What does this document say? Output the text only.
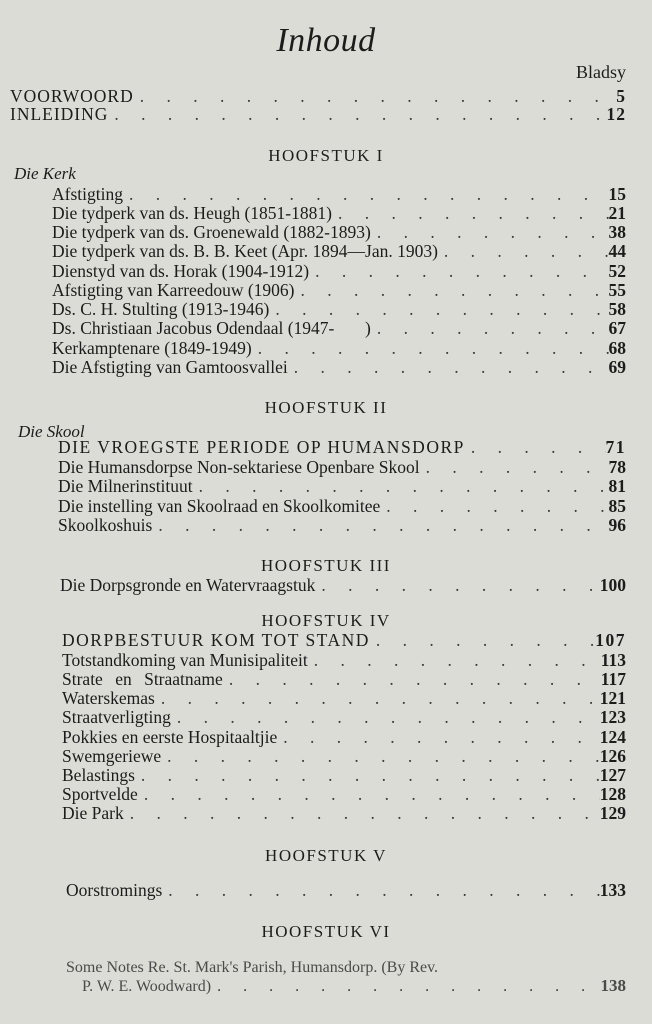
Inhoud
Bladsy
VOORWOORD . . .	5
INLEIDING . . .	12
HOOFSTUK I
Die Kerk
Afstigting . . .	15
Die tydperk van ds. Heugh (1851-1881) . . .	21
Die tydperk van ds. Groenewald (1882-1893) . . .	38
Die tydperk van ds. B. B. Keet (Apr. 1894—Jan. 1903) . . .	44
Dienstyd van ds. Horak (1904-1912) . . .	52
Afstigting van Karreedouw (1906) . . .	55
Ds. C. H. Stulting (1913-1946) . . .	58
Ds. Christiaan Jacobus Odendaal (1947-       ) . . .	67
Kerkamptenare (1849-1949) . . .	68
Die Afstigting van Gamtoosvallei . . .	69
HOOFSTUK II
Die Skool
DIE VROEGSTE PERIODE OP HUMANSDORP . . .	71
Die Humansdorpse Non-sektariese Openbare Skool . . .	78
Die Milnerinstituut . . .	81
Die instelling van Skoolraad en Skoolkomitee . . .	85
Skoolkoshuis . . .	96
HOOFSTUK III
Die Dorpsgronde en Watervraagstuk . . .	100
HOOFSTUK IV
DORPBESTUUR KOM TOT STAND . . .	107
Totstandkoming van Munisipaliteit . . .	113
Strate en Straatname . . .	117
Waterskemas . . .	121
Straatverligting . . .	123
Pokkies en eerste Hospitaaltjie . . .	124
Swemgeriewe . . .	126
Belastings . . .	127
Sportvelde . . .	128
Die Park . . .	129
HOOFSTUK V
Oorstromings . . .	133
HOOFSTUK VI
Some Notes Re. St. Mark's Parish, Humansdorp. (By Rev.
P. W. E. Woodward) . . .	138
